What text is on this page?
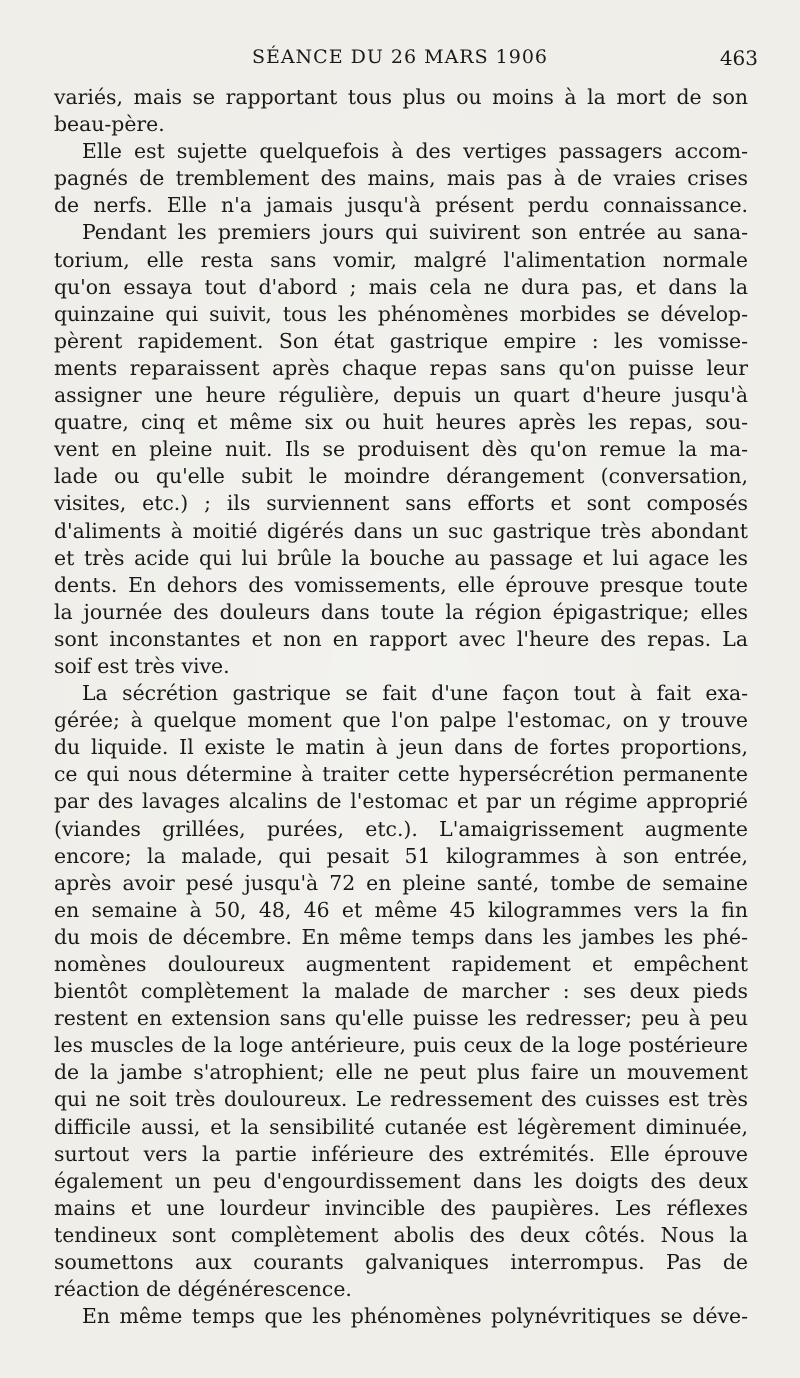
SÉANCE DU 26 MARS 1906	463
variés, mais se rapportant tous plus ou moins à la mort de son
beau-père.
Elle est sujette quelquefois à des vertiges passagers accom-
pagnés de tremblement des mains, mais pas à de vraies crises
de nerfs. Elle n'a jamais jusqu'à présent perdu connaissance.
Pendant les premiers jours qui suivirent son entrée au sana-
torium, elle resta sans vomir, malgré l'alimentation normale
qu'on essaya tout d'abord ; mais cela ne dura pas, et dans la
quinzaine qui suivit, tous les phénomènes morbides se dévelop-
pèrent rapidement. Son état gastrique empire : les vomisse-
ments reparaissent après chaque repas sans qu'on puisse leur
assigner une heure régulière, depuis un quart d'heure jusqu'à
quatre, cinq et même six ou huit heures après les repas, sou-
vent en pleine nuit. Ils se produisent dès qu'on remue la ma-
lade ou qu'elle subit le moindre dérangement (conversation,
visites, etc.) ; ils surviennent sans efforts et sont composés
d'aliments à moitié digérés dans un suc gastrique très abondant
et très acide qui lui brûle la bouche au passage et lui agace les
dents. En dehors des vomissements, elle éprouve presque toute
la journée des douleurs dans toute la région épigastrique; elles
sont inconstantes et non en rapport avec l'heure des repas. La
soif est très vive.
La sécrétion gastrique se fait d'une façon tout à fait exa-
gérée; à quelque moment que l'on palpe l'estomac, on y trouve
du liquide. Il existe le matin à jeun dans de fortes proportions,
ce qui nous détermine à traiter cette hypersécrétion permanente
par des lavages alcalins de l'estomac et par un régime approprié
(viandes grillées, purées, etc.). L'amaigrissement augmente
encore; la malade, qui pesait 51 kilogrammes à son entrée,
après avoir pesé jusqu'à 72 en pleine santé, tombe de semaine
en semaine à 50, 48, 46 et même 45 kilogrammes vers la fin
du mois de décembre. En même temps dans les jambes les phé-
nomènes douloureux augmentent rapidement et empêchent
bientôt complètement la malade de marcher : ses deux pieds
restent en extension sans qu'elle puisse les redresser; peu à peu
les muscles de la loge antérieure, puis ceux de la loge postérieure
de la jambe s'atrophient; elle ne peut plus faire un mouvement
qui ne soit très douloureux. Le redressement des cuisses est très
difficile aussi, et la sensibilité cutanée est légèrement diminuée,
surtout vers la partie inférieure des extrémités. Elle éprouve
également un peu d'engourdissement dans les doigts des deux
mains et une lourdeur invincible des paupières. Les réflexes
tendineux sont complètement abolis des deux côtés. Nous la
soumettons aux courants galvaniques interrompus. Pas de
réaction de dégénérescence.
En même temps que les phénomènes polynévritiques se déve-
